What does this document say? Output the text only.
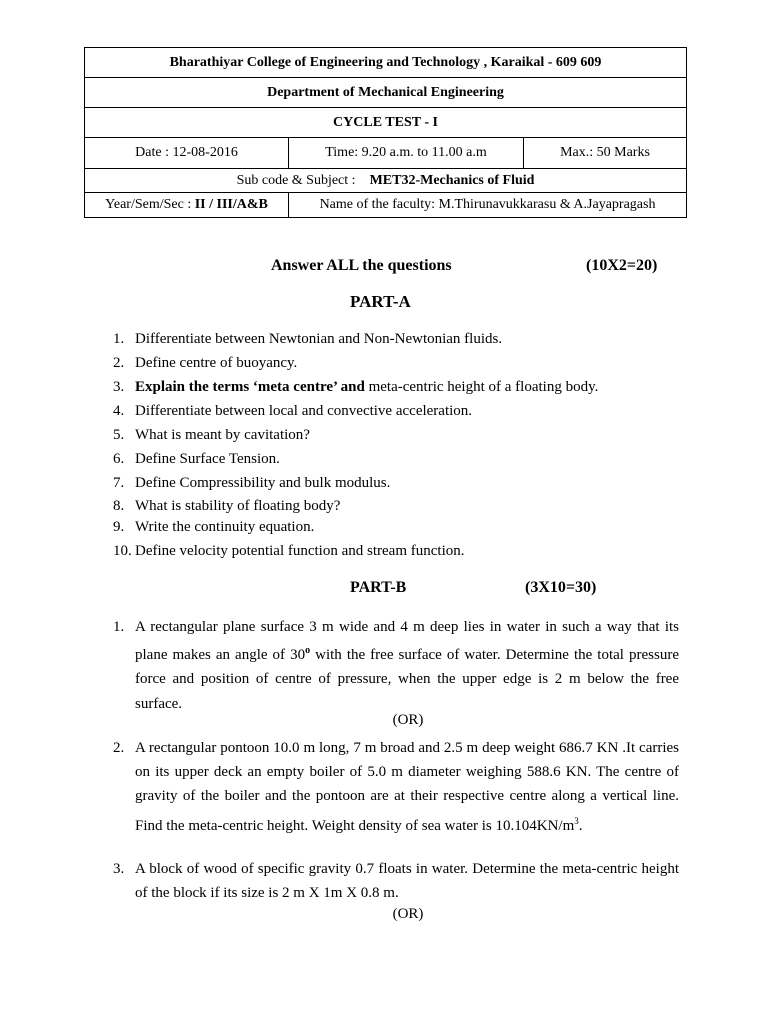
Bharathiyar College of Engineering and Technology , Karaikal - 609 609		
Department of Mechanical Engineering		
CYCLE TEST - I		
Date : 12-08-2016	Time: 9.20 a.m. to 11.00 a.m	Max.: 50 Marks
Sub code & Subject : MET32-Mechanics of Fluid		
Year/Sem/Sec : II / III/A&B	Name of the faculty: M.Thirunavukkarasu & A.Jayapragash	
Answer ALL the questions	(10X2=20)
PART-A
1. Differentiate between Newtonian and Non-Newtonian fluids.
2. Define centre of buoyancy.
3. Explain the terms ‘meta centre’ and meta-centric height of a floating body.
4. Differentiate between local and convective acceleration.
5. What is meant by cavitation?
6. Define Surface Tension.
7. Define Compressibility and bulk modulus.
8. What is stability of floating body?
9. Write the continuity equation.
10. Define velocity potential function and stream function.
PART-B	(3X10=30)
1. A rectangular plane surface 3 m wide and 4 m deep lies in water in such a way that its plane makes an angle of 30$^o$ with the free surface of water. Determine the total pressure force and position of centre of pressure, when the upper edge is 2 m below the free surface.
(OR)
2. A rectangular pontoon 10.0 m long, 7 m broad and 2.5 m deep weight 686.7 KN .It carries on its upper deck an empty boiler of 5.0 m diameter weighing 588.6 KN. The centre of gravity of the boiler and the pontoon are at their respective centre along a vertical line. Find the meta-centric height. Weight density of sea water is $10.104KN/m^3$.
3. A block of wood of specific gravity 0.7 floats in water. Determine the meta-centric height of the block if its size is 2 m X 1m X 0.8 m.
(OR)
